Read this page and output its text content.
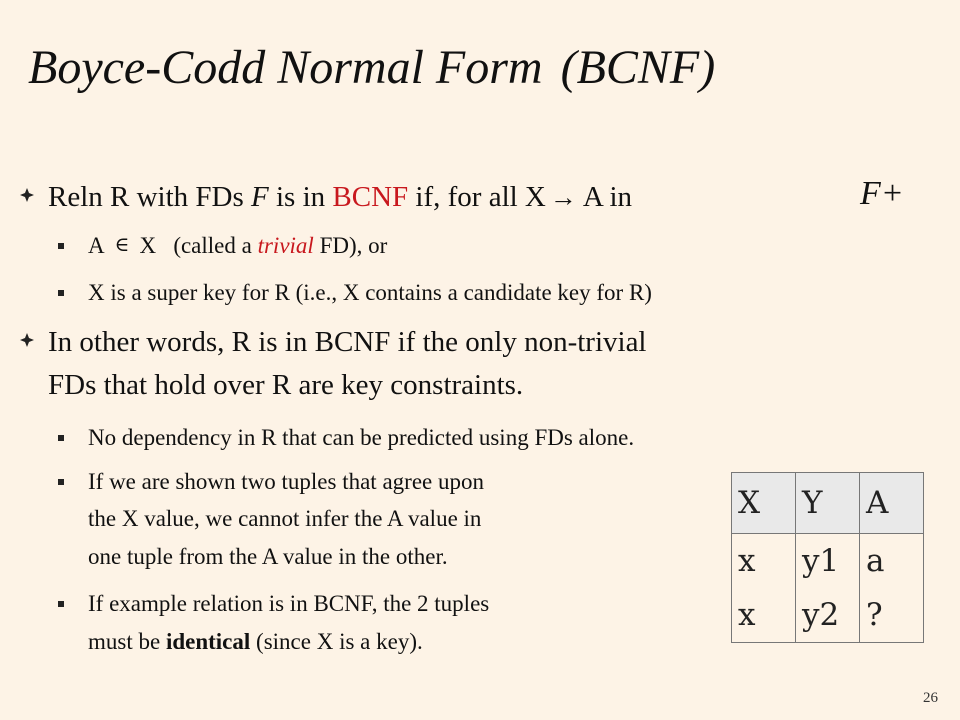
Boyce-Codd Normal Form (BCNF)
Reln R with FDs F is in BCNF if, for all X → A in	F+
A ∈ X (called a trivial FD), or
X is a super key for R (i.e., X contains a candidate key for R)
In other words, R is in BCNF if the only non-trivial
FDs that hold over R are key constraints.
No dependency in R that can be predicted using FDs alone.
If we are shown two tuples that agree upon
the X value, we cannot infer the A value in
one tuple from the A value in the other.
If example relation is in BCNF, the 2 tuples
must be identical (since X is a key).
X	Y	A
x	y1	a
x	y2	?
26
